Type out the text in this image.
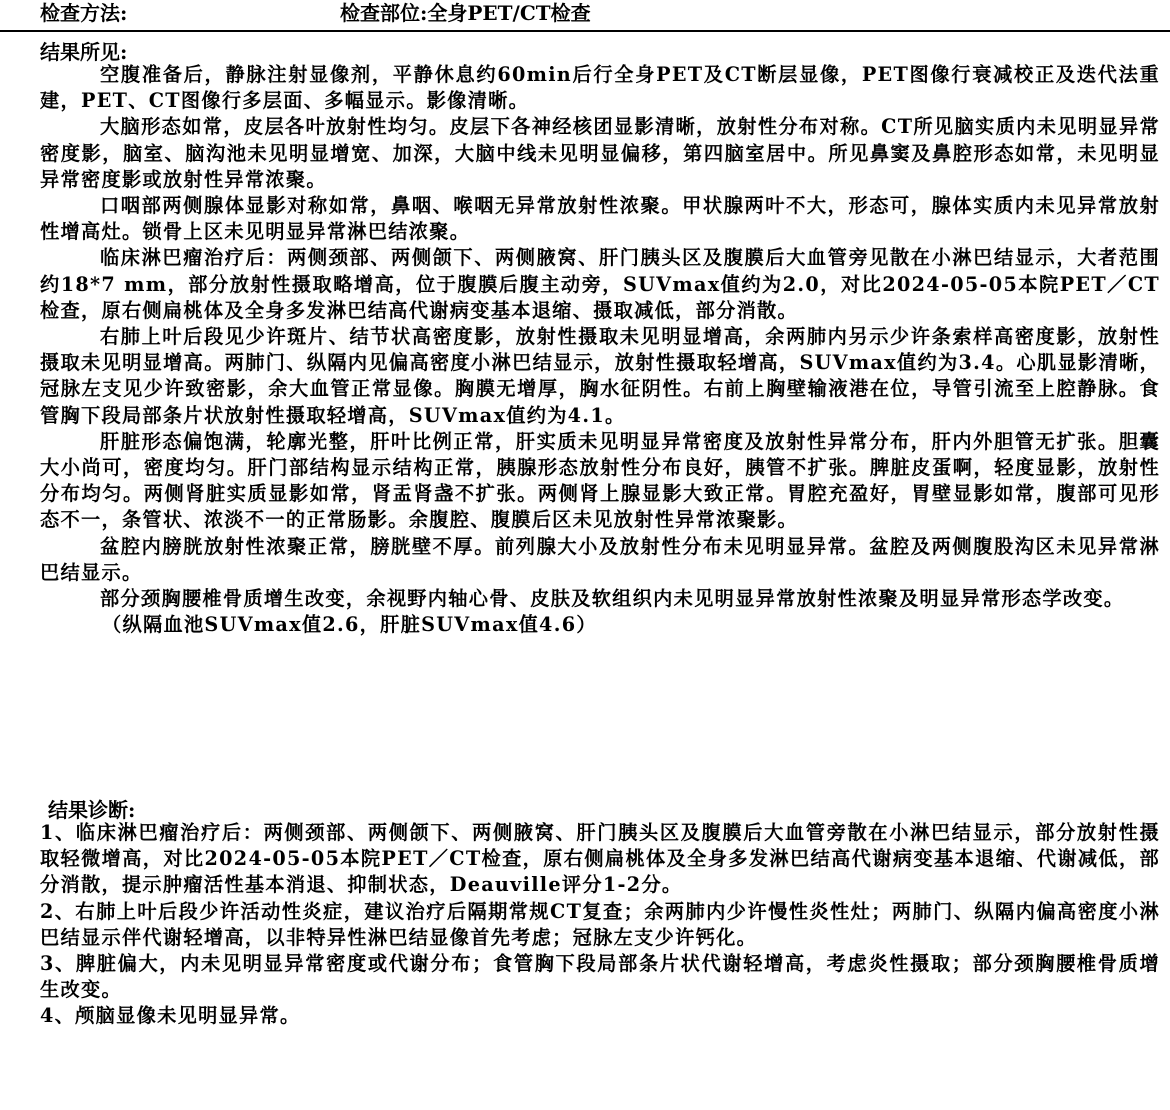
检查方法:	检查部位:全身PET/CT检查
结果所见:

空腹准备后，静脉注射显像剂，平静休息约60min后行全身PET及CT断层显像，PET图像行衰减校正及迭代法重建，PET、CT图像行多层面、多幅显示。影像清晰。

大脑形态如常，皮层各叶放射性均匀。皮层下各神经核团显影清晰，放射性分布对称。CT所见脑实质内未见明显异常密度影，脑室、脑沟池未见明显增宽、加深，大脑中线未见明显偏移，第四脑室居中。所见鼻窦及鼻腔形态如常，未见明显异常密度影或放射性异常浓聚。

口咽部两侧腺体显影对称如常，鼻咽、喉咽无异常放射性浓聚。甲状腺两叶不大，形态可，腺体实质内未见异常放射性增高灶。锁骨上区未见明显异常淋巴结浓聚。

临床淋巴瘤治疗后：两侧颈部、两侧颌下、两侧腋窝、肝门胰头区及腹膜后大血管旁见散在小淋巴结显示，大者范围约18*7 mm，部分放射性摄取略增高，位于腹膜后腹主动旁，SUVmax值约为2.0，对比2024-05-05本院PET／CT检查，原右侧扁桃体及全身多发淋巴结高代谢病变基本退缩、摄取减低，部分消散。

右肺上叶后段见少许斑片、结节状高密度影，放射性摄取未见明显增高，余两肺内另示少许条索样高密度影，放射性摄取未见明显增高。两肺门、纵隔内见偏高密度小淋巴结显示，放射性摄取轻增高，SUVmax值约为3.4。心肌显影清晰，冠脉左支见少许致密影，余大血管正常显像。胸膜无增厚，胸水征阴性。右前上胸壁输液港在位，导管引流至上腔静脉。食管胸下段局部条片状放射性摄取轻增高，SUVmax值约为4.1。

肝脏形态偏饱满，轮廓光整，肝叶比例正常，肝实质未见明显异常密度及放射性异常分布，肝内外胆管无扩张。胆囊大小尚可，密度均匀。肝门部结构显示结构正常，胰腺形态放射性分布良好，胰管不扩张。脾脏皮蛋啊，轻度显影，放射性分布均匀。两侧肾脏实质显影如常，肾盂肾盏不扩张。两侧肾上腺显影大致正常。胃腔充盈好，胃壁显影如常，腹部可见形态不一，条管状、浓淡不一的正常肠影。余腹腔、腹膜后区未见放射性异常浓聚影。

盆腔内膀胱放射性浓聚正常，膀胱壁不厚。前列腺大小及放射性分布未见明显异常。盆腔及两侧腹股沟区未见异常淋巴结显示。

部分颈胸腰椎骨质增生改变，余视野内轴心骨、皮肤及软组织内未见明显异常放射性浓聚及明显异常形态学改变。

（纵隔血池SUVmax值2.6，肝脏SUVmax值4.6）

结果诊断:

1、临床淋巴瘤治疗后：两侧颈部、两侧颌下、两侧腋窝、肝门胰头区及腹膜后大血管旁散在小淋巴结显示，部分放射性摄取轻微增高，对比2024-05-05本院PET／CT检查，原右侧扁桃体及全身多发淋巴结高代谢病变基本退缩、代谢减低，部分消散，提示肿瘤活性基本消退、抑制状态，Deauville评分1-2分。

2、右肺上叶后段少许活动性炎症，建议治疗后隔期常规CT复查；余两肺内少许慢性炎性灶；两肺门、纵隔内偏高密度小淋巴结显示伴代谢轻增高，以非特异性淋巴结显像首先考虑；冠脉左支少许钙化。

3、脾脏偏大，内未见明显异常密度或代谢分布；食管胸下段局部条片状代谢轻增高，考虑炎性摄取；部分颈胸腰椎骨质增生改变。

4、颅脑显像未见明显异常。
